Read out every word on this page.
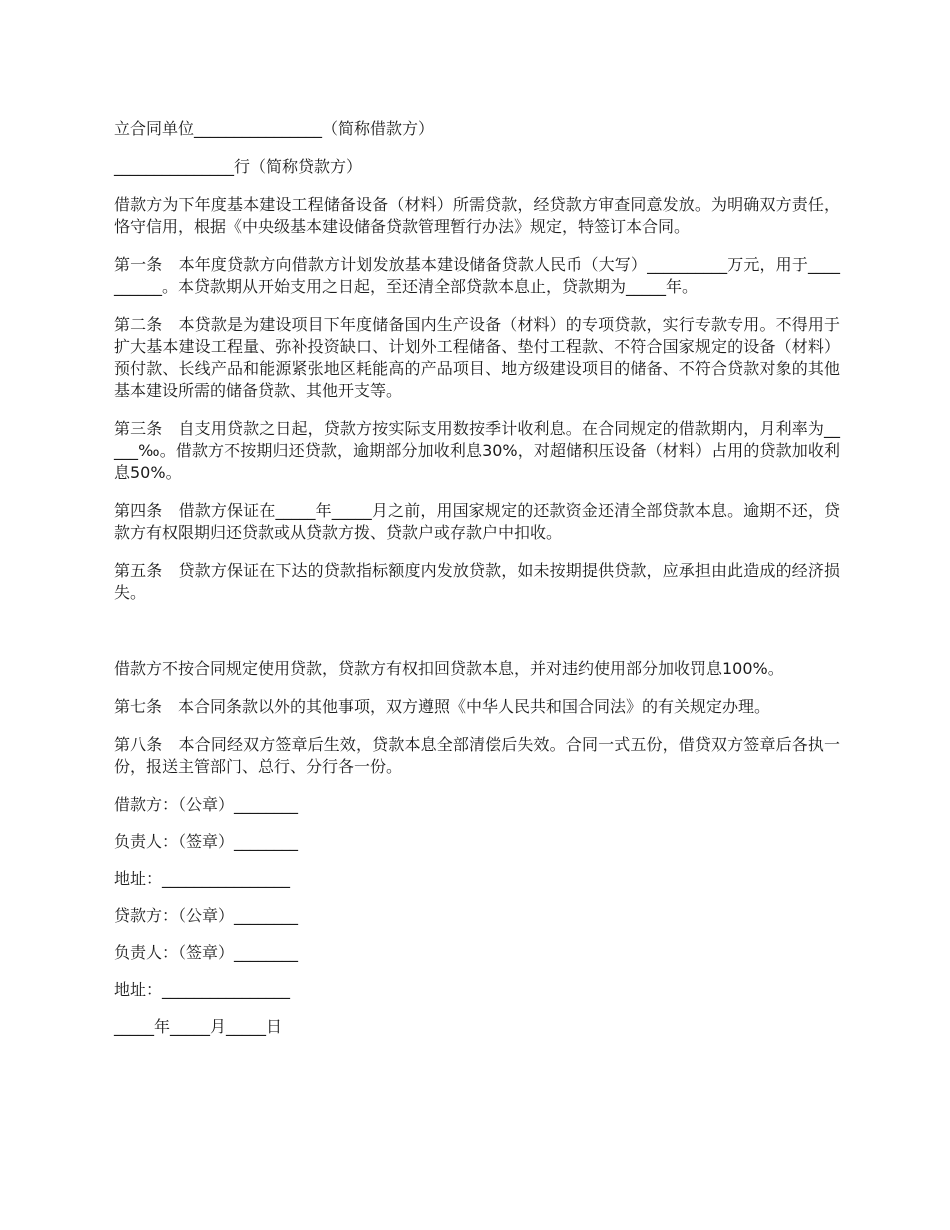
立合同单位________________（简称借款方）

_______________行（简称贷款方）

借款方为下年度基本建设工程储备设备（材料）所需贷款，经贷款方审查同意发放。为明确双方责任，恪守信用，根据《中央级基本建设储备贷款管理暂行办法》规定，特签订本合同。

第一条　本年度贷款方向借款方计划发放基本建设储备贷款人民币（大写）__________万元，用于__________。本贷款期从开始支用之日起，至还清全部贷款本息止，贷款期为_____年。

第二条　本贷款是为建设项目下年度储备国内生产设备（材料）的专项贷款，实行专款专用。不得用于扩大基本建设工程量、弥补投资缺口、计划外工程储备、垫付工程款、不符合国家规定的设备（材料）预付款、长线产品和能源紧张地区耗能高的产品项目、地方级建设项目的储备、不符合贷款对象的其他基本建设所需的储备贷款、其他开支等。

第三条　自支用贷款之日起，贷款方按实际支用数按季计收利息。在合同规定的借款期内，月利率为_____‰。借款方不按期归还贷款，逾期部分加收利息30%，对超储积压设备（材料）占用的贷款加收利息50%。

第四条　借款方保证在_____年_____月之前，用国家规定的还款资金还清全部贷款本息。逾期不还，贷款方有权限期归还贷款或从贷款方拨、贷款户或存款户中扣收。

第五条　贷款方保证在下达的贷款指标额度内发放贷款，如未按期提供贷款，应承担由此造成的经济损失。

借款方不按合同规定使用贷款，贷款方有权扣回贷款本息，并对违约使用部分加收罚息100%。

第七条　本合同条款以外的其他事项，双方遵照《中华人民共和国合同法》的有关规定办理。

第八条　本合同经双方签章后生效，贷款本息全部清偿后失效。合同一式五份，借贷双方签章后各执一份，报送主管部门、总行、分行各一份。

借款方：（公章）________

负责人：（签章）________

地址：________________

贷款方：（公章）________

负责人：（签章）________

地址：________________

_____年_____月_____日
